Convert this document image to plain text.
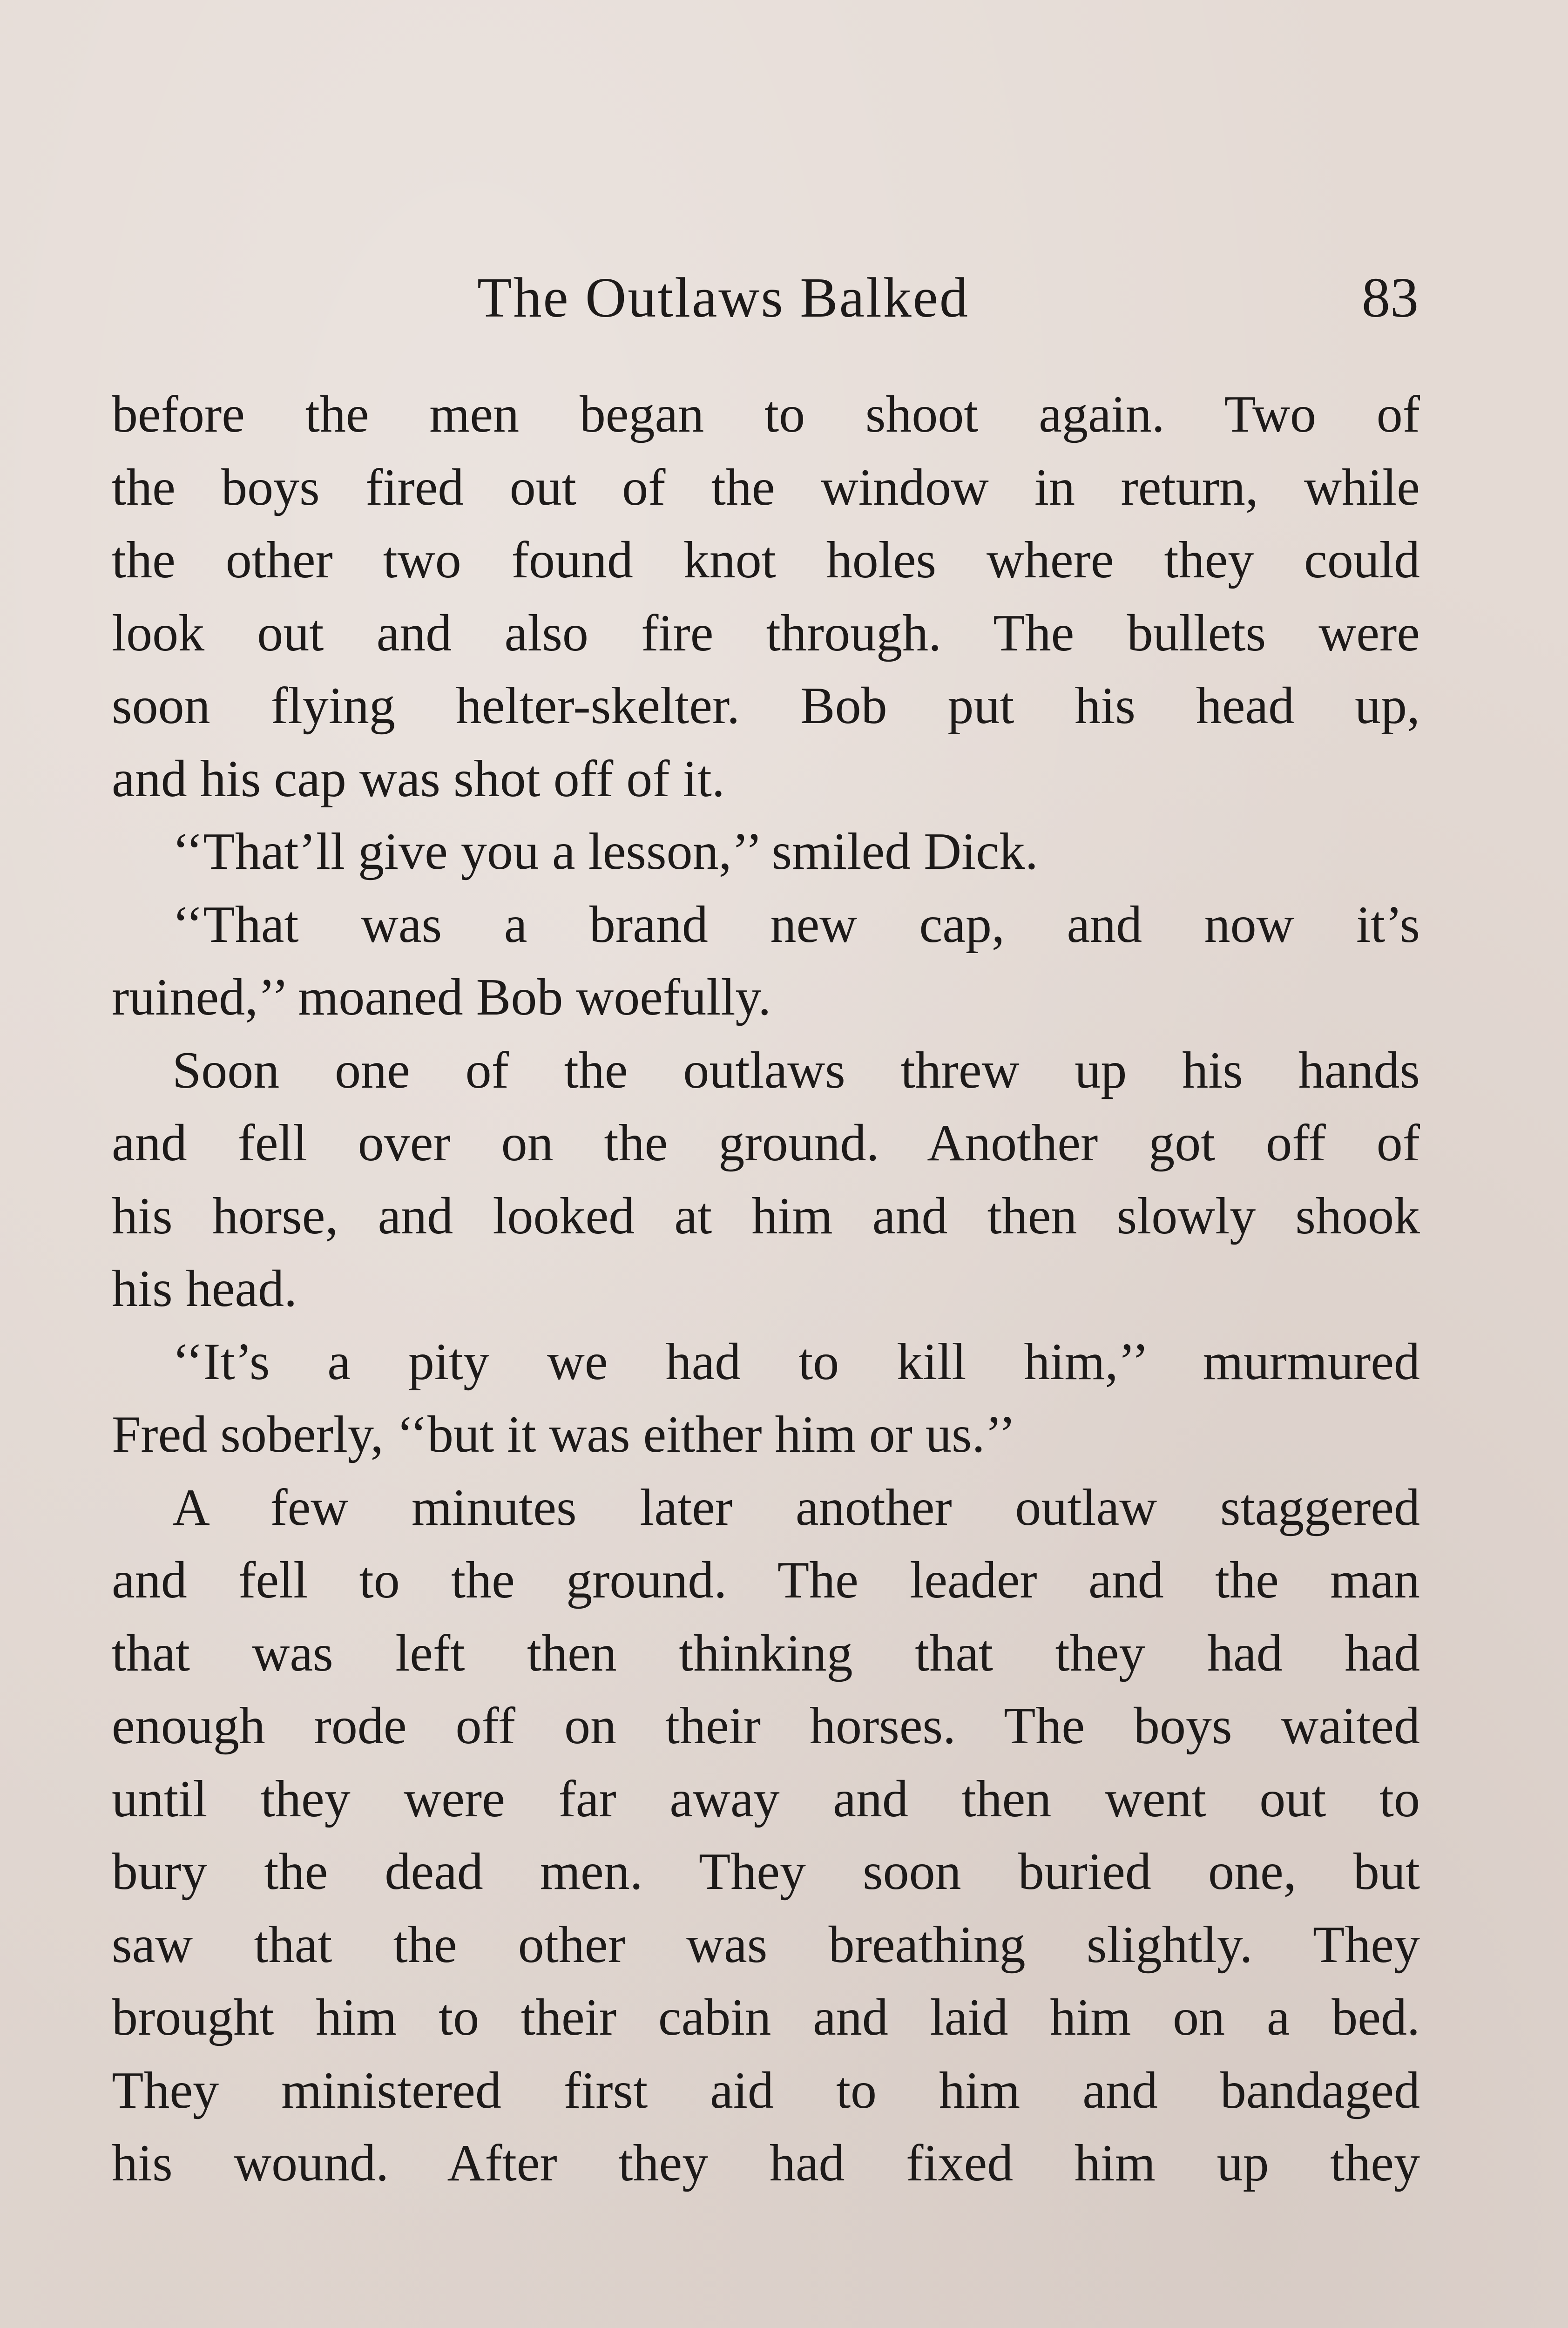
The Outlaws Balked	83
before the men began to shoot again. Two of
the boys fired out of the window in return, while
the other two found knot holes where they could
look out and also fire through. The bullets were
soon flying helter-skelter. Bob put his head up,
and his cap was shot off of it.
‘‘That’ll give you a lesson,’’ smiled Dick.
‘‘That was a brand new cap, and now it’s
ruined,’’ moaned Bob woefully.
Soon one of the outlaws threw up his hands
and fell over on the ground. Another got off of
his horse, and looked at him and then slowly shook
his head.
‘‘It’s a pity we had to kill him,’’ murmured
Fred soberly, ‘‘but it was either him or us.’’
A few minutes later another outlaw staggered
and fell to the ground. The leader and the man
that was left then thinking that they had had
enough rode off on their horses. The boys waited
until they were far away and then went out to
bury the dead men. They soon buried one, but
saw that the other was breathing slightly. They
brought him to their cabin and laid him on a bed.
They ministered first aid to him and bandaged
his wound. After they had fixed him up they
